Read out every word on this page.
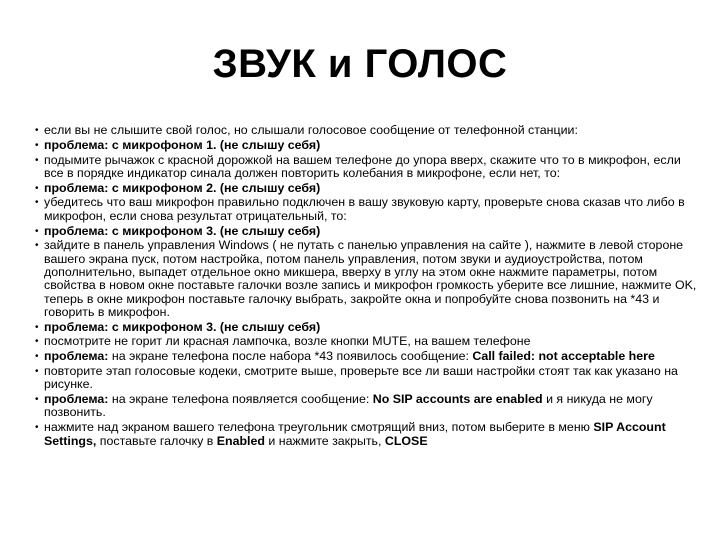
ЗВУК и ГОЛОС
• если вы не слышите свой голос, но слышали голосовое сообщение от телефонной станции:
• проблема: с микрофоном 1. (не слышу себя)
• подымите рычажок с красной дорожкой на вашем телефоне до упора вверх, скажите что то в микрофон, если все в порядке индикатор синала должен повторить колебания в микрофоне, если нет, то:
• проблема: с микрофоном 2. (не слышу себя)
• убедитесь что ваш микрофон правильно подключен в вашу звуковую карту, проверьте снова сказав что либо в микрофон, если снова результат отрицательный, то:
• проблема: с микрофоном 3. (не слышу себя)
• зайдите в панель управления Windows ( не путать с панелью управления на сайте ), нажмите в левой стороне вашего экрана пуск, потом настройка, потом панель управления, потом звуки и аудиоустройства, потом дополнительно, выпадет отдельное окно микшера, вверху в углу на этом окне нажмите параметры, потом свойства в новом окне поставьте галочки возле запись и микрофон громкость уберите все лишние, нажмите OK, теперь в окне микрофон поставьте галочку выбрать, закройте окна и попробуйте снова позвонить на *43 и говорить в микрофон.
• проблема: с микрофоном 3. (не слышу себя)
• посмотрите не горит ли красная лампочка, возле кнопки MUTE, на вашем телефоне
• проблема: на экране телефона после набора *43 появилось сообщение: Call failed: not acceptable here
• повторите этап голосовые кодеки, смотрите выше, проверьте все ли ваши настройки стоят так как указано на рисунке.
• проблема: на экране телефона появляется сообщение: No SIP accounts are enabled и я никуда не могу позвонить.
• нажмите над экраном вашего телефона треугольник смотрящий вниз, потом выберите в меню SIP Account Settings, поставьте галочку в Enabled и нажмите закрыть, CLOSE
